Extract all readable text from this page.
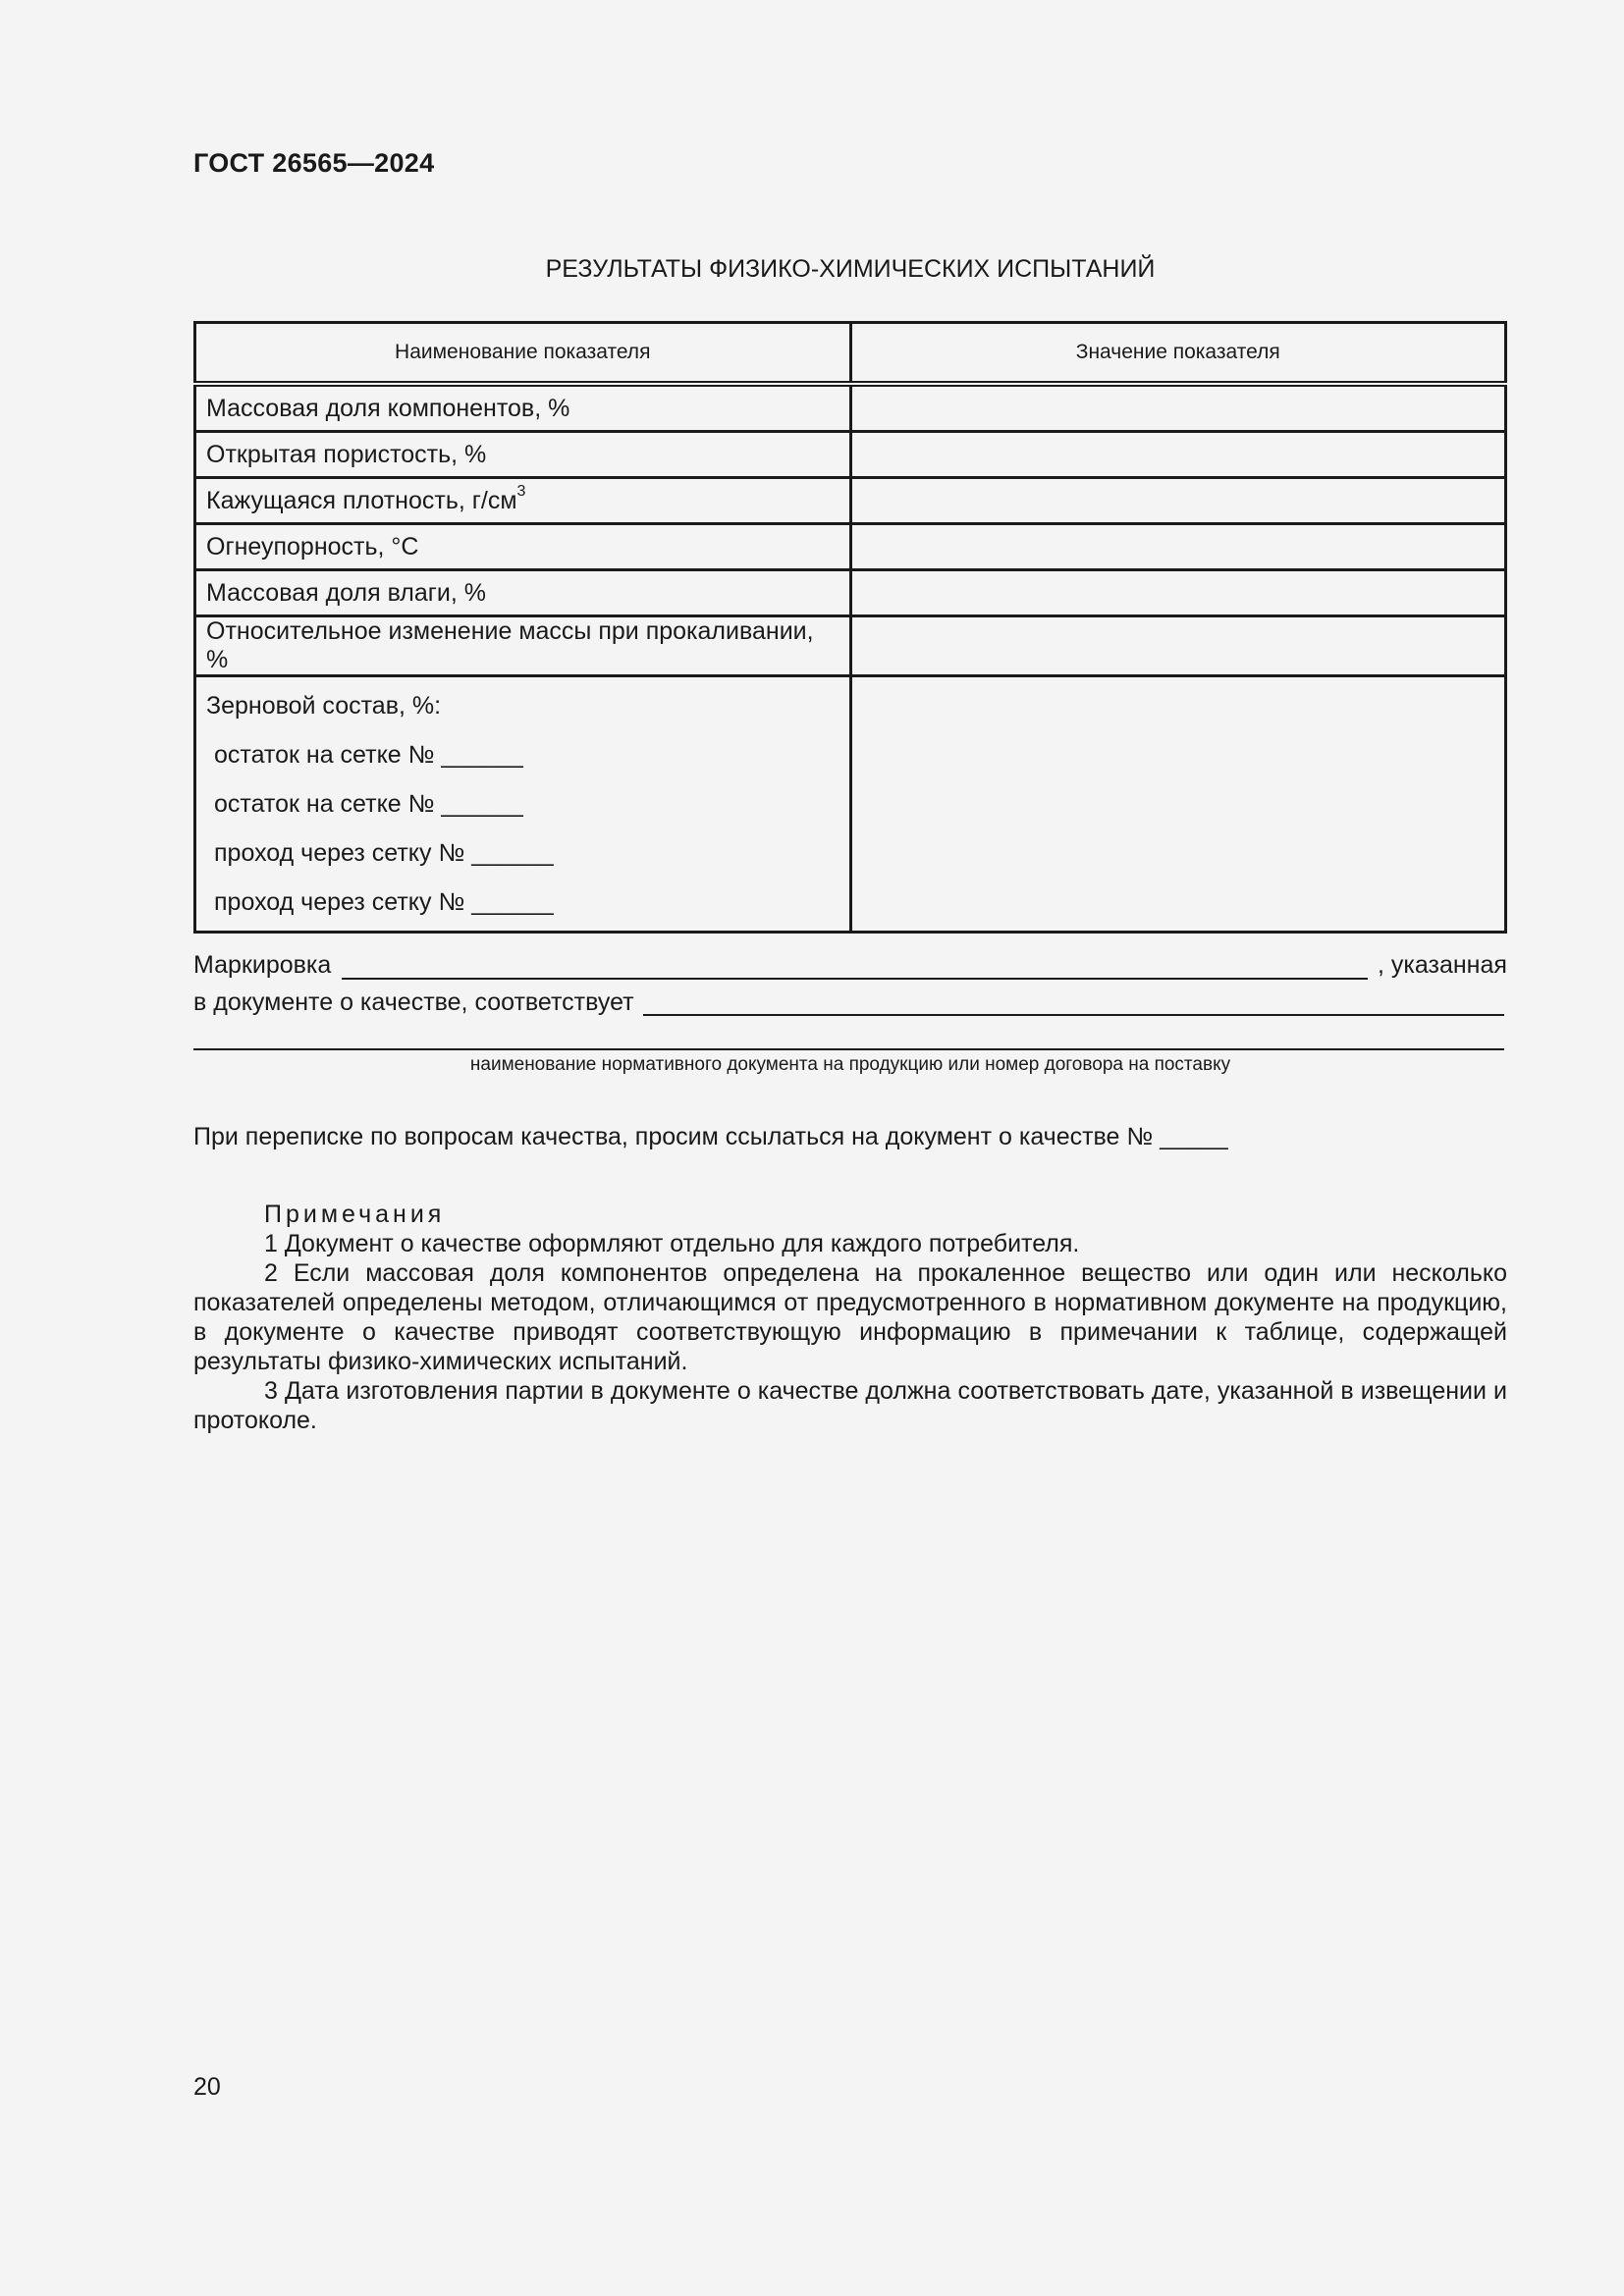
ГОСТ 26565—2024
РЕЗУЛЬТАТЫ ФИЗИКО-ХИМИЧЕСКИХ ИСПЫТАНИЙ
Наименование показателя	Значение показателя
Массовая доля компонентов, %	
Открытая пористость, %	
Кажущаяся плотность, $г/см^3$	
Огнеупорность, °С	
Массовая доля влаги, %	
Относительное изменение массы при прокаливании, %	

Зерновой состав, %:
остаток на сетке № ______
остаток на сетке № ______
проход через сетку № ______
проход через сетку № ______	

Маркировка	, указанная
в документе о качестве, соответствует
наименование нормативного документа на продукцию или номер договора на поставку
При переписке по вопросам качества, просим ссылаться на документ о качестве № _____

Примечания

1 Документ о качестве оформляют отдельно для каждого потребителя.

2 Если массовая доля компонентов определена на прокаленное вещество или один или несколько показателей определены методом, отличающимся от предусмотренного в нормативном документе на продукцию, в документе о качестве приводят соответствующую информацию в примечании к таблице, содержащей результаты физико-химических испытаний.

3 Дата изготовления партии в документе о качестве должна соответствовать дате, указанной в извещении и протоколе.

20
